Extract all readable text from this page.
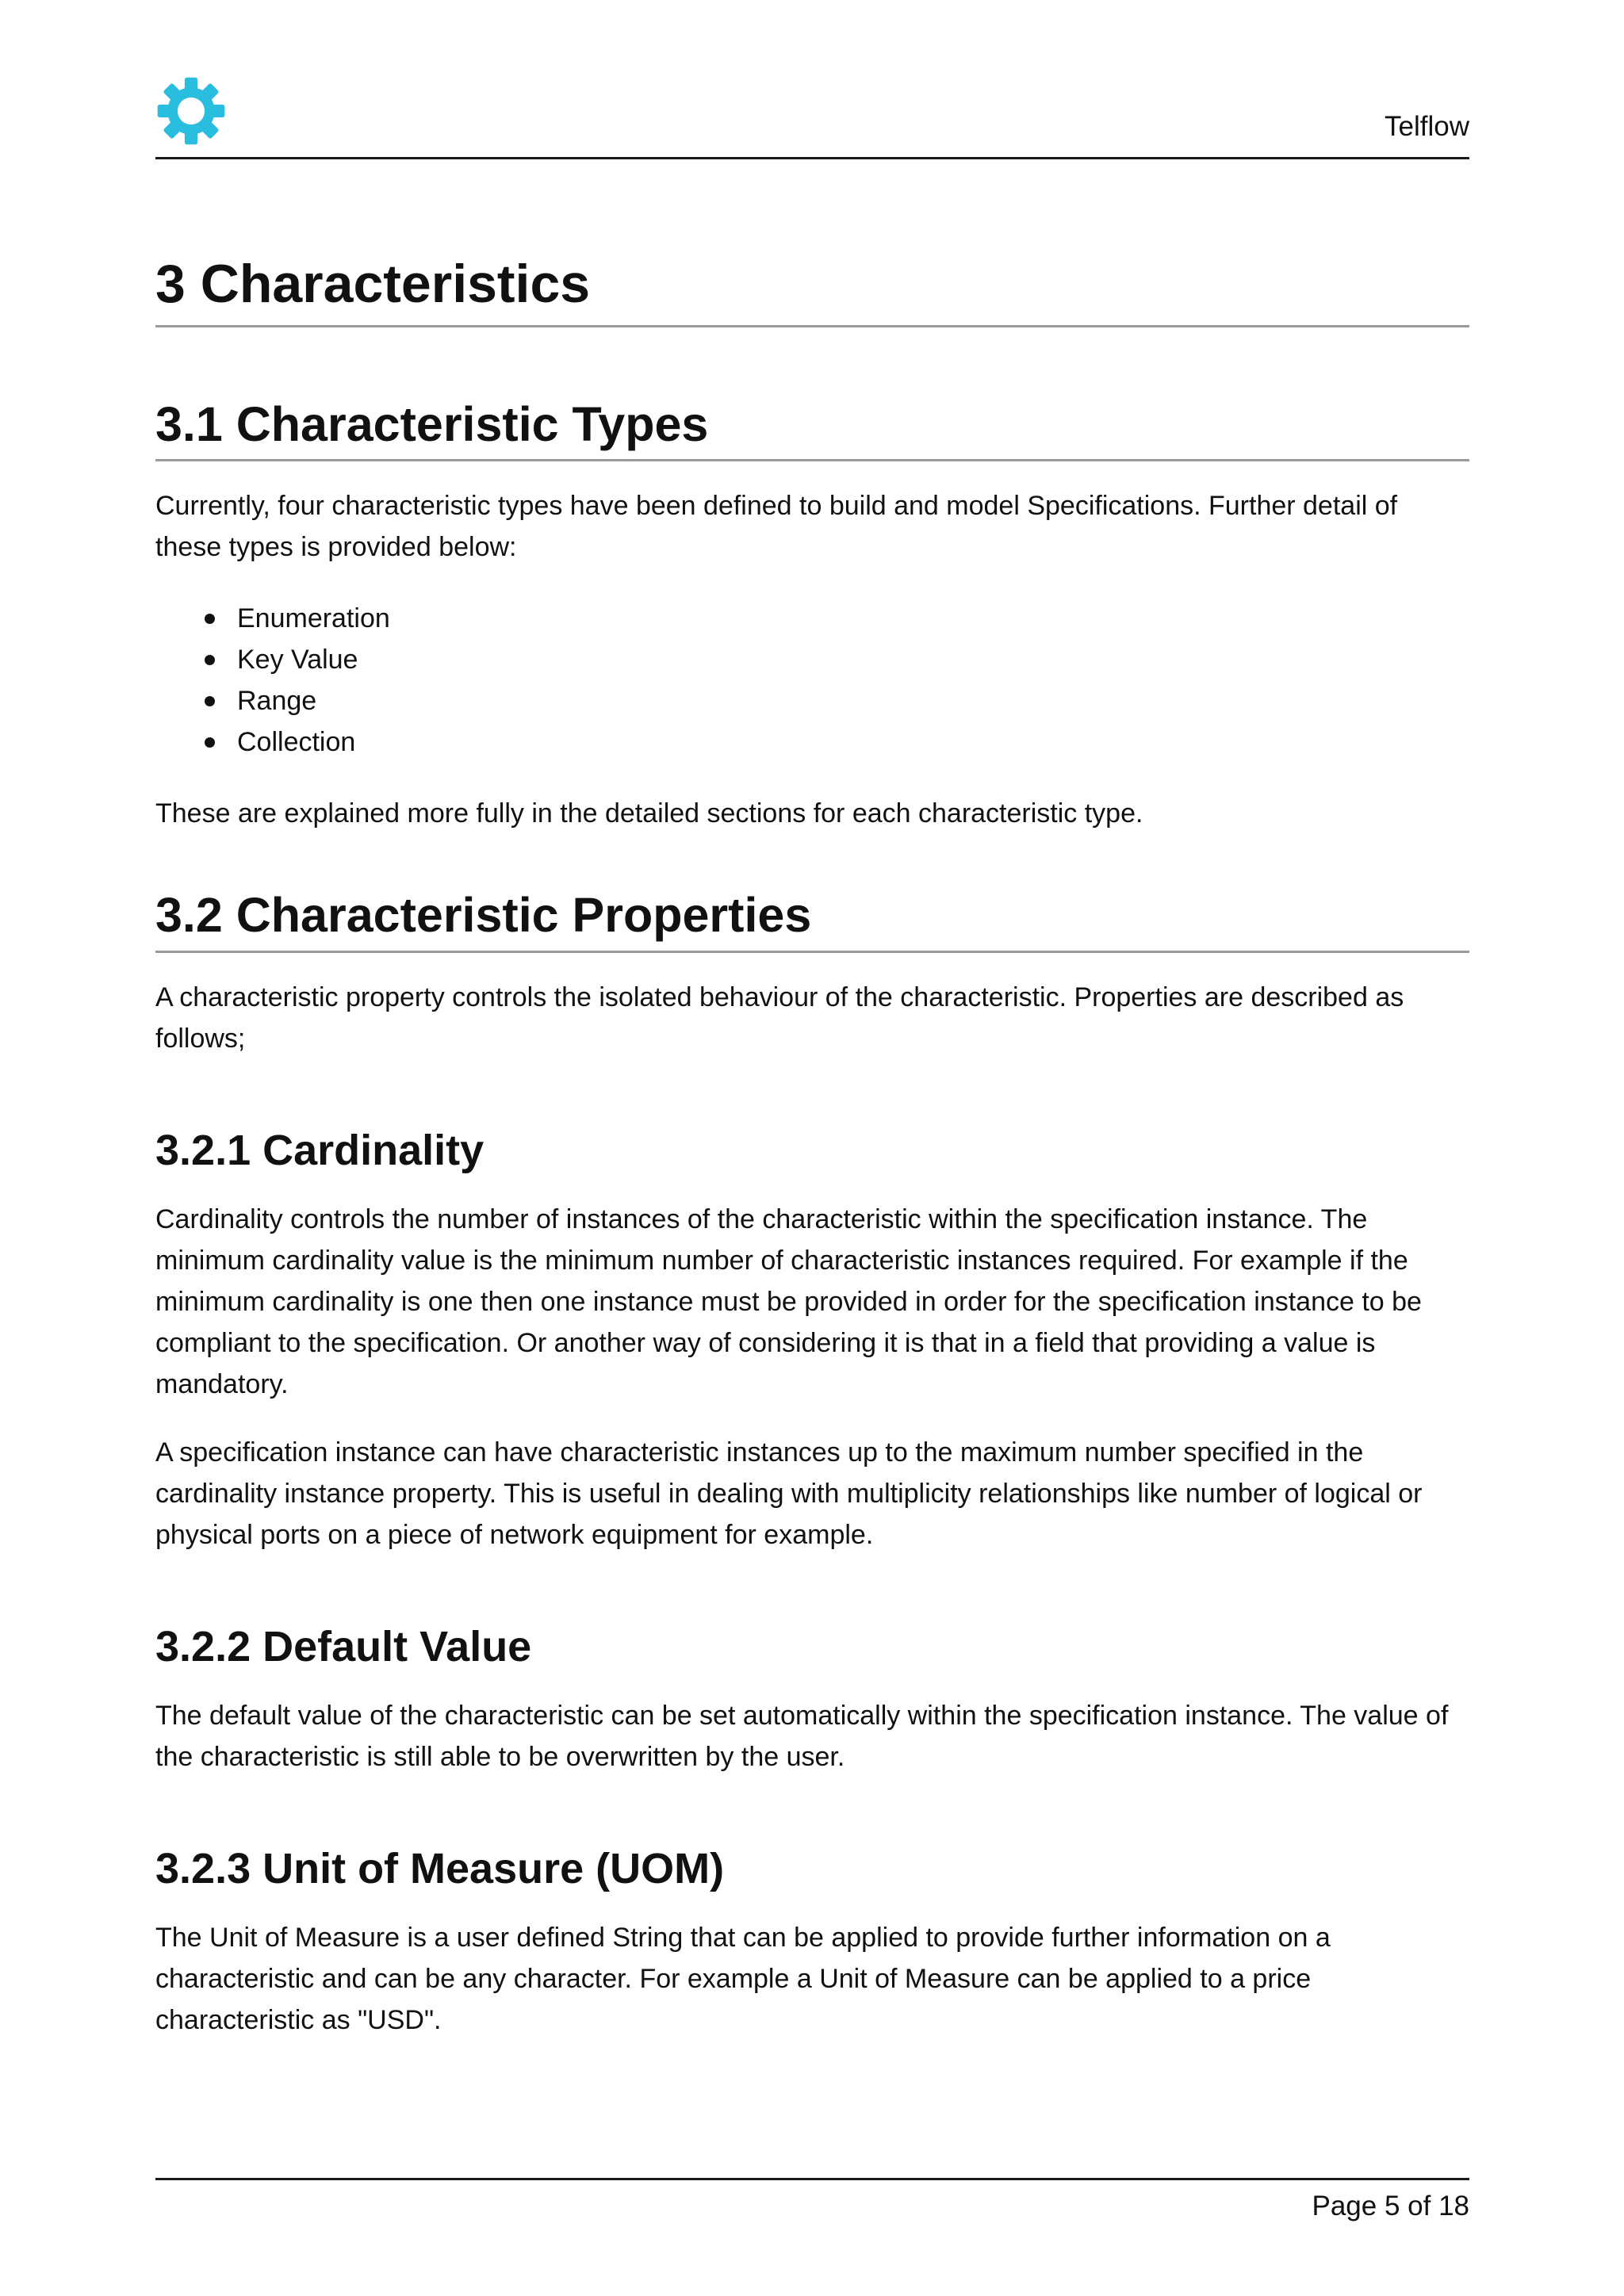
Telflow
3 Characteristics
3.1 Characteristic Types

Currently, four characteristic types have been defined to build and model Specifications. Further detail of these types is provided below:

Enumeration
Key Value
Range
Collection

These are explained more fully in the detailed sections for each characteristic type.

3.2 Characteristic Properties

A characteristic property controls the isolated behaviour of the characteristic. Properties are described as follows;

3.2.1 Cardinality

Cardinality controls the number of instances of the characteristic within the specification instance. The minimum cardinality value is the minimum number of characteristic instances required. For example if the minimum cardinality is one then one instance must be provided in order for the specification instance to be compliant to the specification. Or another way of considering it is that in a field that providing a value is mandatory.

A specification instance can have characteristic instances up to the maximum number specified in the cardinality instance property. This is useful in dealing with multiplicity relationships like number of logical or physical ports on a piece of network equipment for example.

3.2.2 Default Value

The default value of the characteristic can be set automatically within the specification instance. The value of the characteristic is still able to be overwritten by the user.

3.2.3 Unit of Measure (UOM)

The Unit of Measure is a user defined String that can be applied to provide further information on a characteristic and can be any character. For example a Unit of Measure can be applied to a price characteristic as "USD".

Page 5 of 18
